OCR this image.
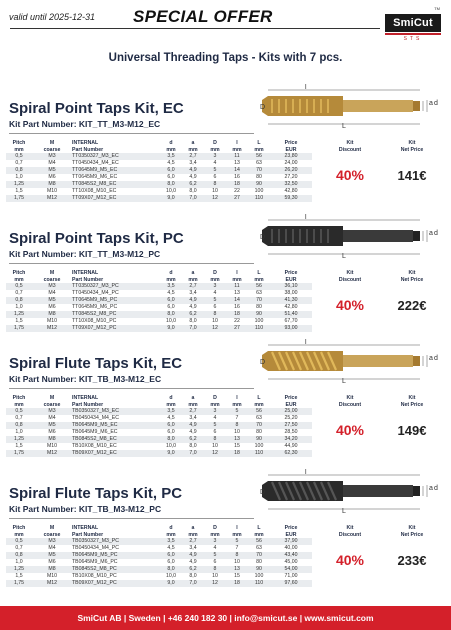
valid until 2025-12-31 SPECIAL OFFER	TM
SmiCut
STS
Universal Threading Taps - Kits with 7 pcs.
Spiral Point Taps Kit, EC
Kit Part Number: KIT_TT_M3-M12_EC
D
l
L
a d
Pitch	M	INTERNAL	d	a	D	l	L	Price		Kit	Kit
mm	coarse	Part Number	mm	mm	mm	mm	mm	EUR		Discount	Net Price
0,5	M3	TT0350327_M3_EC	3,5	2,7	3	11	56	23,80		40%	141€
0,7	M4	TT0450434_M4_EC	4,5	3,4	4	13	63	24,00			
0,8	M5	TT0645M9_M5_EC	6,0	4,9	5	14	70	26,20			
1,0	M6	TT0645M9_M6_EC	6,0	4,9	6	16	80	27,20			
1,25	M8	TT0845S2_M8_EC	8,0	6,2	8	18	90	32,50			
1,5	M10	TT10X08_M10_EC	10,0	8,0	10	22	100	42,80			
1,75	M12	TT09X07_M12_EC	9,0	7,0	12	27	110	59,30			
Spiral Point Taps Kit, PC
Kit Part Number: KIT_TT_M3-M12_PC
D
l
L
a d
Pitch	M	INTERNAL	d	a	D	l	L	Price		Kit	Kit
mm	coarse	Part Number	mm	mm	mm	mm	mm	EUR		Discount	Net Price
0,5	M3	TT0350327_M3_PC	3,5	2,7	3	11	56	36,10		40%	222€
0,7	M4	TT0450434_M4_PC	4,5	3,4	4	13	63	38,00			
0,8	M5	TT0645M9_M5_PC	6,0	4,9	5	14	70	41,30			
1,0	M6	TT0645M9_M6_PC	6,0	4,9	6	16	80	42,80			
1,25	M8	TT0845S2_M8_PC	8,0	6,2	8	18	90	51,40			
1,5	M10	TT10X08_M10_PC	10,0	8,0	10	22	100	67,70			
1,75	M12	TT09X07_M12_PC	9,0	7,0	12	27	110	93,00			
Spiral Flute Taps Kit, EC
Kit Part Number: KIT_TB_M3-M12_EC
D
l
L
a d
Pitch	M	INTERNAL	d	a	D	l	L	Price		Kit	Kit
mm	coarse	Part Number	mm	mm	mm	mm	mm	EUR		Discount	Net Price
0,5	M3	TB0350327_M3_EC	3,5	2,7	3	5	56	25,00		40%	149€
0,7	M4	TB0450434_M4_EC	4,5	3,4	4	7	63	25,20			
0,8	M5	TB0645M9_M5_EC	6,0	4,9	5	8	70	27,50			
1,0	M6	TB0645M9_M6_EC	6,0	4,9	6	10	80	28,50			
1,25	M8	TB0845S2_M8_EC	8,0	6,2	8	13	90	34,20			
1,5	M10	TB10X08_M10_EC	10,0	8,0	10	15	100	44,90			
1,75	M12	TB09X07_M12_EC	9,0	7,0	12	18	110	62,30			
Spiral Flute Taps Kit, PC
Kit Part Number: KIT_TB_M3-M12_PC
D
l
L
a d
Pitch	M	INTERNAL	d	a	D	l	L	Price		Kit	Kit
mm	coarse	Part Number	mm	mm	mm	mm	mm	EUR		Discount	Net Price
0,5	M3	TB0350327_M3_PC	3,5	2,7	3	5	56	37,90		40%	233€
0,7	M4	TB0450434_M4_PC	4,5	3,4	4	7	63	40,00			
0,8	M5	TB0645M9_M5_PC	6,0	4,9	5	8	70	43,40			
1,0	M6	TB0645M9_M6_PC	6,0	4,9	6	10	80	45,00			
1,25	M8	TB0845S2_M8_PC	8,0	6,2	8	13	90	54,00			
1,5	M10	TB10X08_M10_PC	10,0	8,0	10	15	100	71,00			
1,75	M12	TB09X07_M12_PC	9,0	7,0	12	18	110	97,60			
SmiCut AB | Sweden | +46 240 182 30 | info@smicut.se | www.smicut.com
